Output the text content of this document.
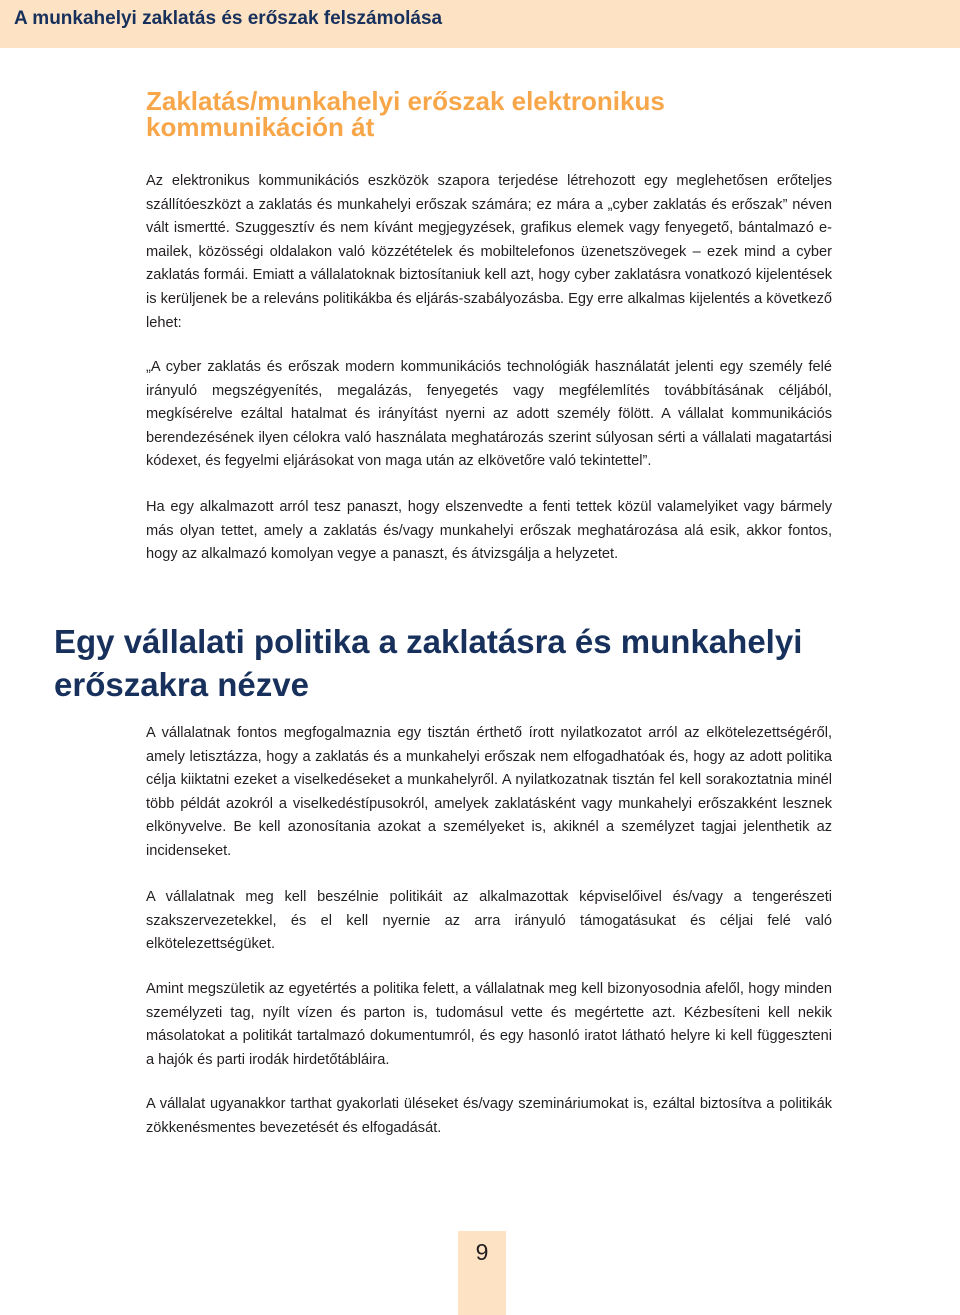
A munkahelyi zaklatás és erőszak felszámolása
Zaklatás/munkahelyi erőszak elektronikus kommunikáción át

Az elektronikus kommunikációs eszközök szapora terjedése létrehozott egy meglehetősen erőteljes szállítóeszközt a zaklatás és munkahelyi erőszak számára; ez mára a „cyber zaklatás és erőszak” néven vált ismertté. Szuggesztív és nem kívánt megjegyzések, grafikus elemek vagy fenyegető, bántalmazó e-mailek, közösségi oldalakon való közzétételek és mobiltelefonos üzenetszövegek – ezek mind a cyber zaklatás formái. Emiatt a vállalatoknak biztosítaniuk kell azt, hogy cyber zaklatásra vonatkozó kijelentések is kerüljenek be a releváns politikákba és eljárás-szabályozásba. Egy erre alkalmas kijelentés a következő lehet:

„A cyber zaklatás és erőszak modern kommunikációs technológiák használatát jelenti egy személy felé irányuló megszégyenítés, megalázás, fenyegetés vagy megfélemlítés továbbításának céljából, megkísérelve ezáltal hatalmat és irányítást nyerni az adott személy fölött. A vállalat kommunikációs berendezésének ilyen célokra való használata meghatározás szerint súlyosan sérti a vállalati magatartási kódexet, és fegyelmi eljárásokat von maga után az elkövetőre való tekintettel”.

Ha egy alkalmazott arról tesz panaszt, hogy elszenvedte a fenti tettek közül valamelyiket vagy bármely más olyan tettet, amely a zaklatás és/vagy munkahelyi erőszak meghatározása alá esik, akkor fontos, hogy az alkalmazó komolyan vegye a panaszt, és átvizsgálja a helyzetet.

Egy vállalati politika a zaklatásra és munkahelyi erőszakra nézve

A vállalatnak fontos megfogalmaznia egy tisztán érthető írott nyilatkozatot arról az elkötelezettségéről, amely letisztázza, hogy a zaklatás és a munkahelyi erőszak nem elfogadhatóak és, hogy az adott politika célja kiiktatni ezeket a viselkedéseket a munkahelyről. A nyilatkozatnak tisztán fel kell sorakoztatnia minél több példát azokról a viselkedéstípusokról, amelyek zaklatásként vagy munkahelyi erőszakként lesznek elkönyvelve. Be kell azonosítania azokat a személyeket is, akiknél a személyzet tagjai jelenthetik az incidenseket.

A vállalatnak meg kell beszélnie politikáit az alkalmazottak képviselőivel és/vagy a tengerészeti szakszervezetekkel, és el kell nyernie az arra irányuló támogatásukat és céljai felé való elkötelezettségüket.

Amint megszületik az egyetértés a politika felett, a vállalatnak meg kell bizonyosodnia afelől, hogy minden személyzeti tag, nyílt vízen és parton is, tudomásul vette és megértette azt. Kézbesíteni kell nekik másolatokat a politikát tartalmazó dokumentumról, és egy hasonló iratot látható helyre ki kell függeszteni a hajók és parti irodák hirdetőtábláira.

A vállalat ugyanakkor tarthat gyakorlati üléseket és/vagy szemináriumokat is, ezáltal biztosítva a politikák zökkenésmentes bevezetését és elfogadását.

9
